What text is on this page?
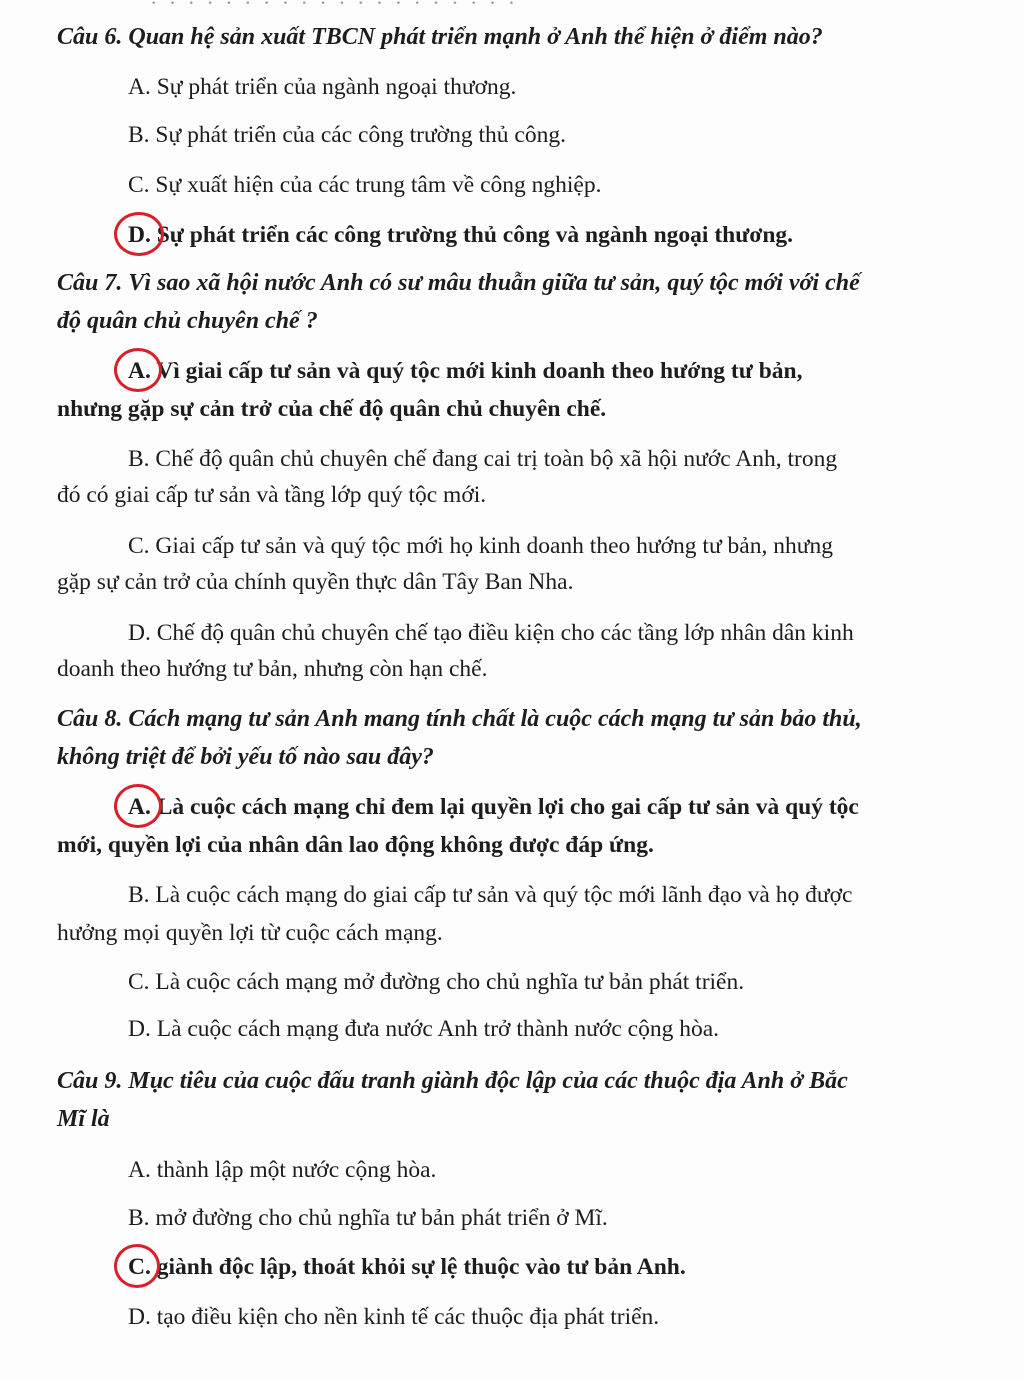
Câu 6. Quan hệ sản xuất TBCN phát triển mạnh ở Anh thể hiện ở điểm nào?
A. Sự phát triển của ngành ngoại thương.
B. Sự phát triển của các công trường thủ công.
C. Sự xuất hiện của các trung tâm về công nghiệp.
D. Sự phát triển các công trường thủ công và ngành ngoại thương.
Câu 7. Vì sao xã hội nước Anh có sư mâu thuẫn giữa tư sản, quý tộc mới với chế
độ quân chủ chuyên chế ?
A. Vì giai cấp tư sản và quý tộc mới kinh doanh theo hướng tư bản,
nhưng gặp sự cản trở của chế độ quân chủ chuyên chế.
B. Chế độ quân chủ chuyên chế đang cai trị toàn bộ xã hội nước Anh, trong
đó có giai cấp tư sản và tầng lớp quý tộc mới.
C. Giai cấp tư sản và quý tộc mới họ kinh doanh theo hướng tư bản, nhưng
gặp sự cản trở của chính quyền thực dân Tây Ban Nha.
D. Chế độ quân chủ chuyên chế tạo điều kiện cho các tầng lớp nhân dân kinh
doanh theo hướng tư bản, nhưng còn hạn chế.
Câu 8. Cách mạng tư sản Anh mang tính chất là cuộc cách mạng tư sản bảo thủ,
không triệt để bởi yếu tố nào sau đây?
A. Là cuộc cách mạng chỉ đem lại quyền lợi cho gai cấp tư sản và quý tộc
mới, quyền lợi của nhân dân lao động không được đáp ứng.
B. Là cuộc cách mạng do giai cấp tư sản và quý tộc mới lãnh đạo và họ được
hưởng mọi quyền lợi từ cuộc cách mạng.
C. Là cuộc cách mạng mở đường cho chủ nghĩa tư bản phát triển.
D. Là cuộc cách mạng đưa nước Anh trở thành nước cộng hòa.
Câu 9. Mục tiêu của cuộc đấu tranh giành độc lập của các thuộc địa Anh ở Bắc
Mĩ là
A. thành lập một nước cộng hòa.
B. mở đường cho chủ nghĩa tư bản phát triển ở Mĩ.
C. giành độc lập, thoát khỏi sự lệ thuộc vào tư bản Anh.
D. tạo điều kiện cho nền kinh tế các thuộc địa phát triển.
